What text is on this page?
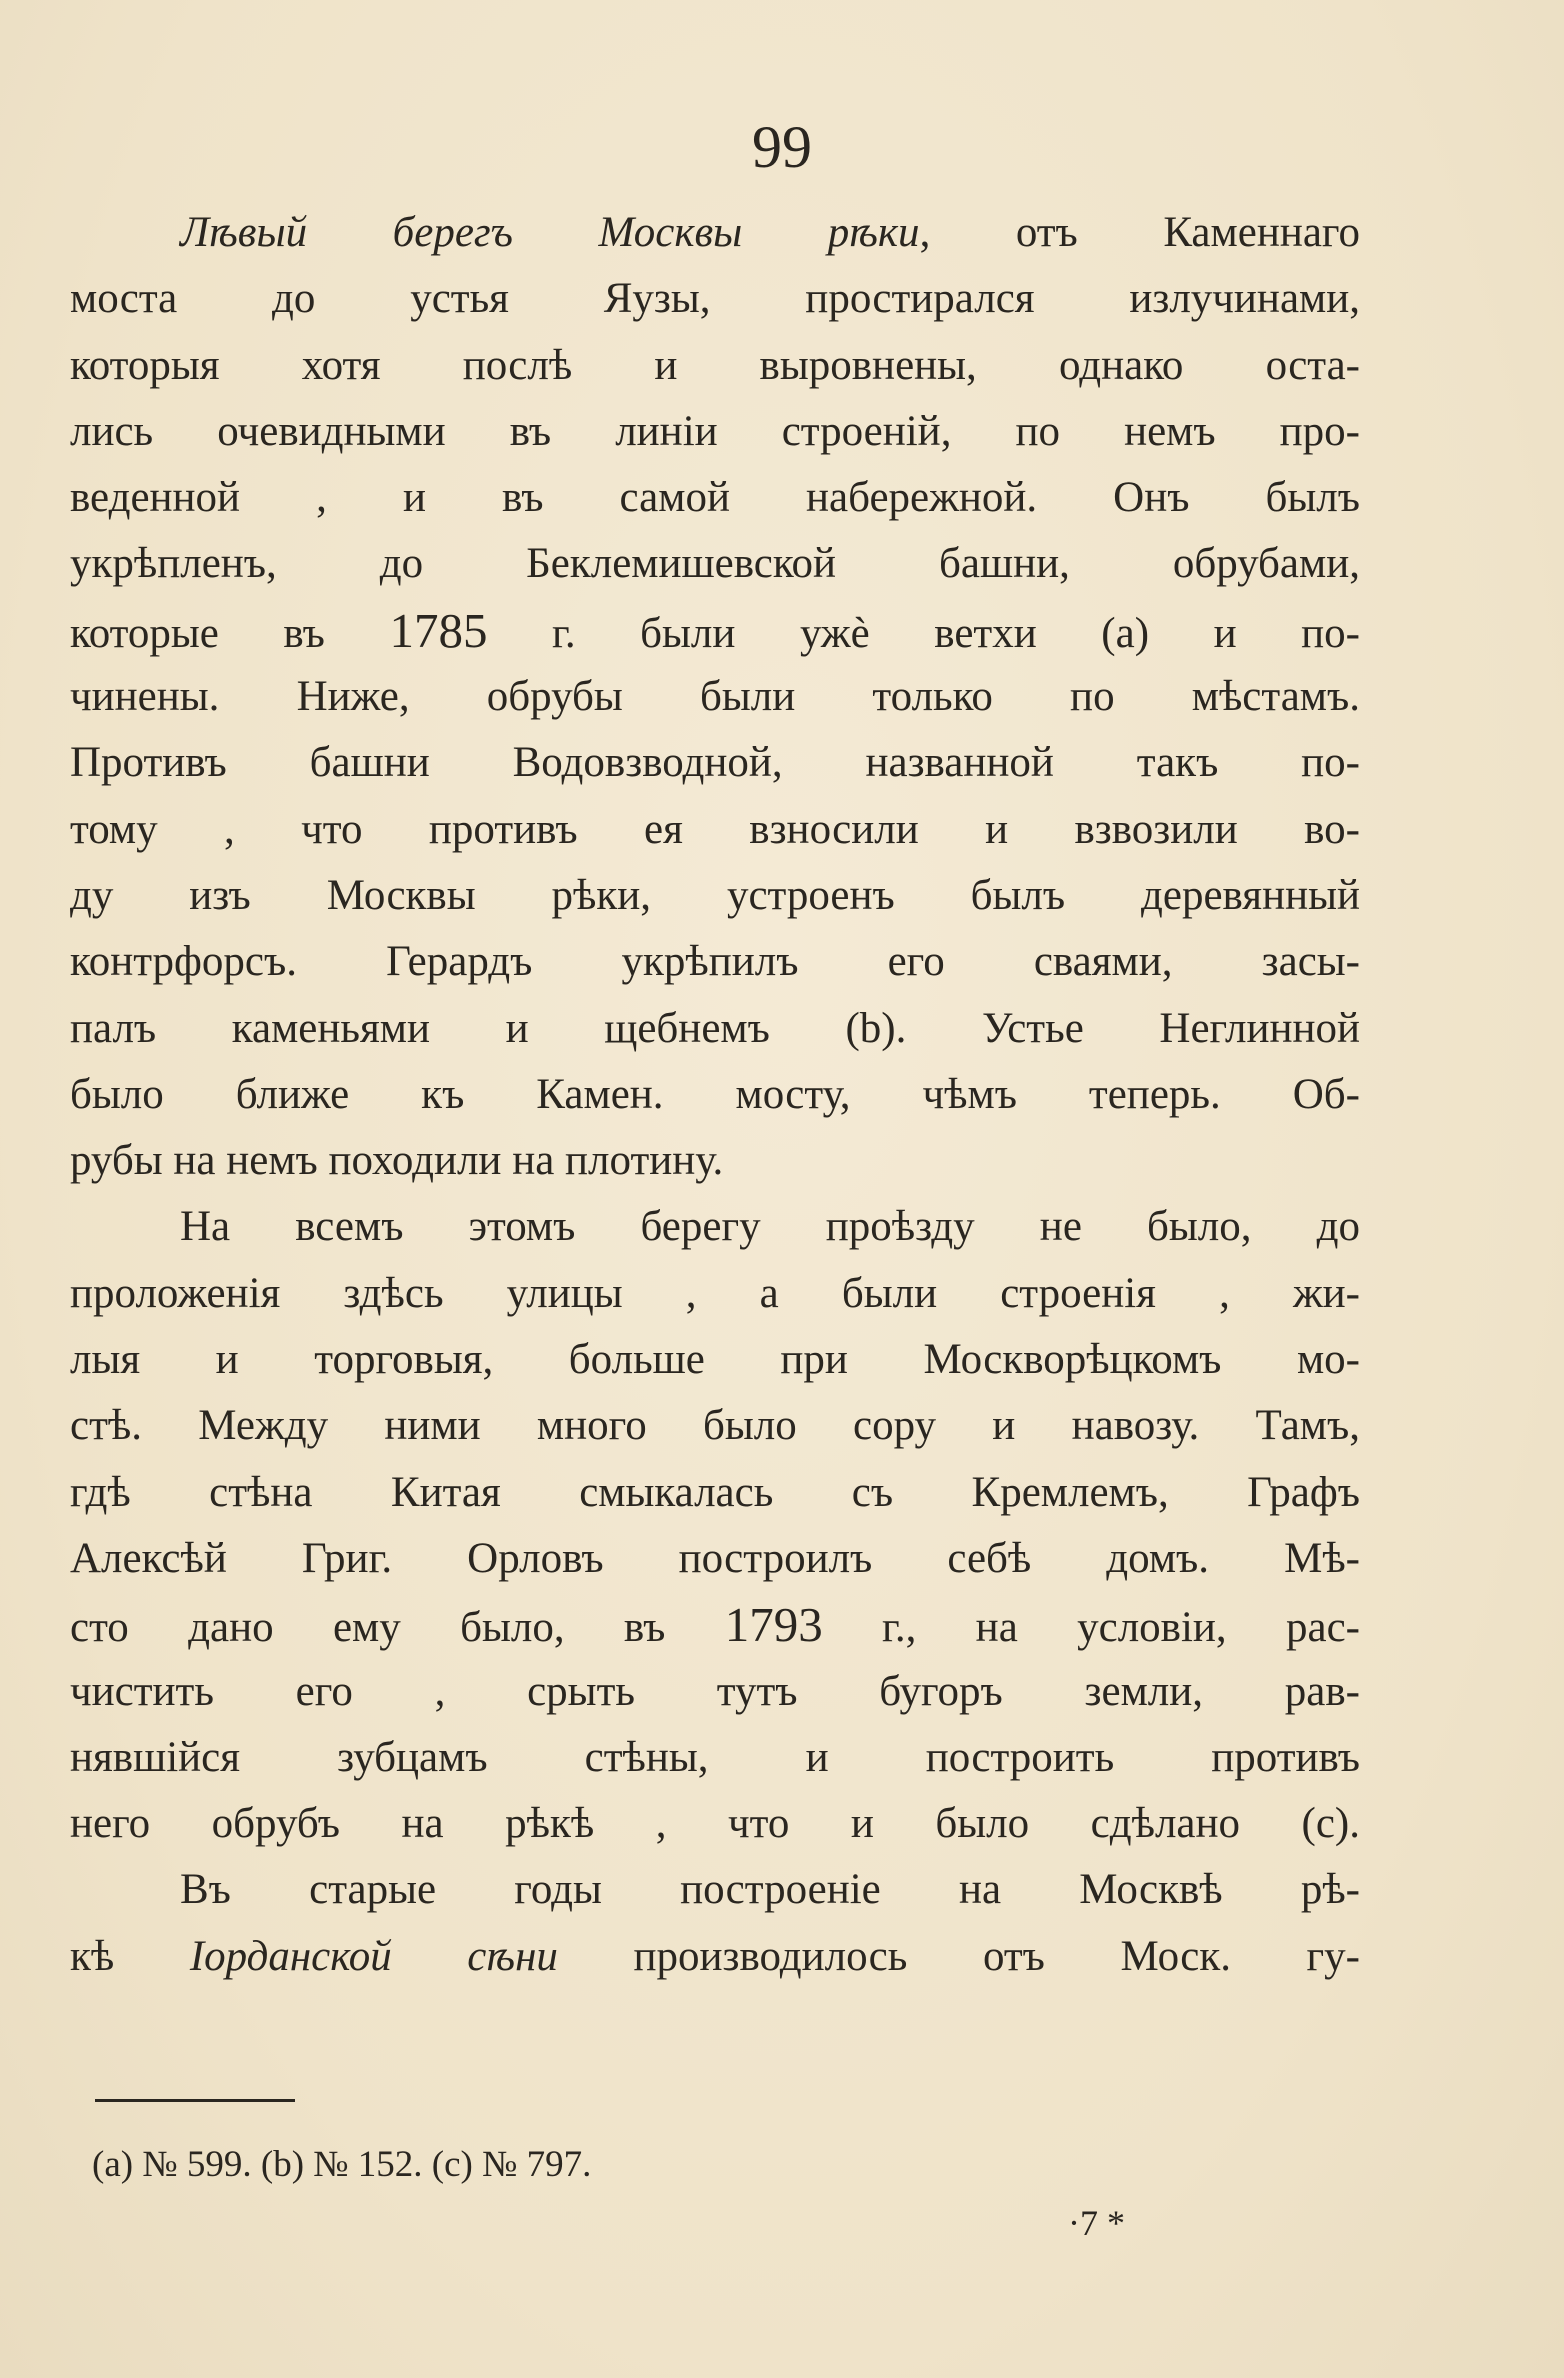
99
Лѣвый берегъ Москвы рѣки, отъ Каменнаго
моста до устья Яузы, простирался излучинами,
которыя хотя послѣ и выровнены, однако оста-
лись очевидными въ линіи строеній, по немъ про-
веденной , и въ самой набережной. Онъ былъ
укрѣпленъ, до Беклемишевской башни, обрубами,
которые въ 1785 г. были ужѐ ветхи (а) и по-
чинены. Ниже, обрубы были только по мѣстамъ.
Противъ башни Водовзводной, названной такъ по-
тому , что противъ ея взносили и взвозили во-
ду изъ Москвы рѣки, устроенъ былъ деревянный
контрфорсъ. Герардъ укрѣпилъ его сваями, засы-
палъ каменьями и щебнемъ (b). Устье Неглинной
было ближе къ Камен. мосту, чѣмъ теперь. Об-
рубы на немъ походили на плотину.
На всемъ этомъ берегу проѣзду не было, до
проложенія здѣсь улицы , а были строенія , жи-
лыя и торговыя, больше при Москворѣцкомъ мо-
стѣ. Между ними много было сору и навозу. Тамъ,
гдѣ стѣна Китая смыкалась съ Кремлемъ, Графъ
Алексѣй Григ. Орловъ построилъ себѣ домъ. Мѣ-
сто дано ему было, въ 1793 г., на условіи, рас-
чистить его , срыть тутъ бугоръ земли, рав-
нявшійся зубцамъ стѣны, и построить противъ
него обрубъ на рѣкѣ , что и было сдѣлано (с).
Въ старые годы построеніе на Москвѣ рѣ-
кѣ Iорданской сѣни производилось отъ Моск. гу-
(а) № 599. (b) № 152. (с) № 797.
·7 *
